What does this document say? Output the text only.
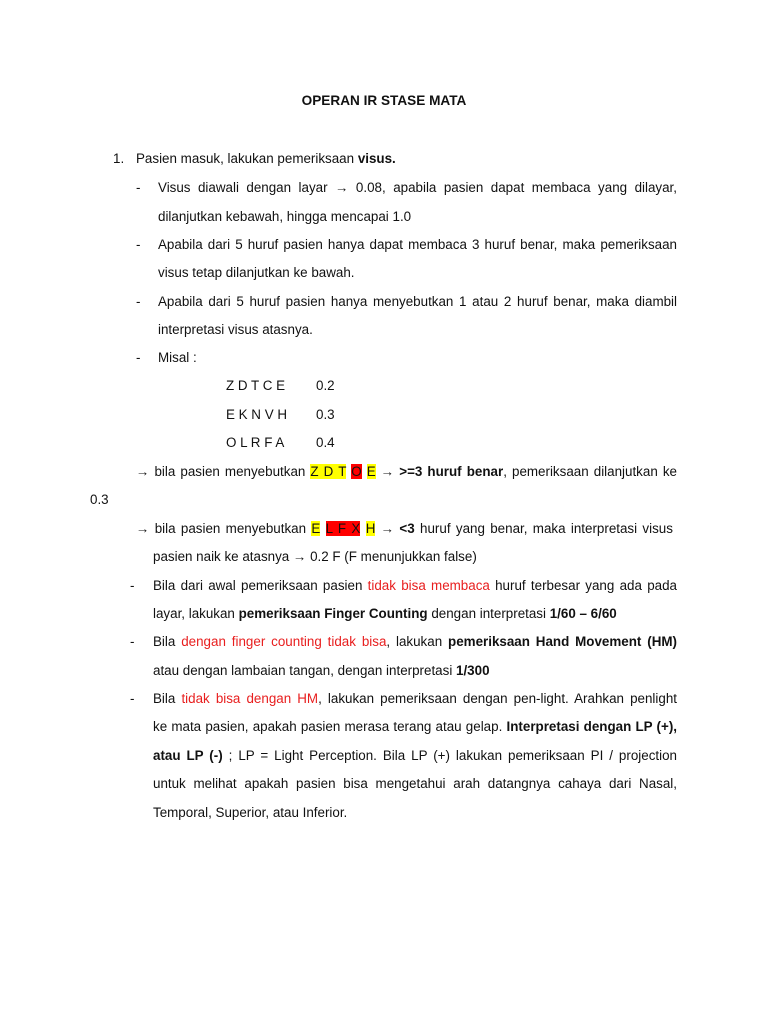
OPERAN IR STASE MATA
1. Pasien masuk, lakukan pemeriksaan visus.
- Visus diawali dengan layar → 0.08, apabila pasien dapat membaca yang dilayar,
dilanjutkan kebawah, hingga mencapai 1.0
- Apabila dari 5 huruf pasien hanya dapat membaca 3 huruf benar, maka pemeriksaan
visus tetap dilanjutkan ke bawah.
- Apabila dari 5 huruf pasien hanya menyebutkan 1 atau 2 huruf benar, maka diambil
interpretasi visus atasnya.
- Misal :
Z D T C E 0.2
E K N V H 0.3
O L R F A 0.4
→ bila pasien menyebutkan Z D T O E → >=3 huruf benar, pemeriksaan dilanjutkan ke
0.3
→ bila pasien menyebutkan E L F X H → <3 huruf yang benar, maka interpretasi visus
pasien naik ke atasnya → 0.2 F (F menunjukkan false)
- Bila dari awal pemeriksaan pasien tidak bisa membaca huruf terbesar yang ada pada
layar, lakukan pemeriksaan Finger Counting dengan interpretasi 1/60 – 6/60
- Bila dengan finger counting tidak bisa, lakukan pemeriksaan Hand Movement (HM)
atau dengan lambaian tangan, dengan interpretasi 1/300
- Bila tidak bisa dengan HM, lakukan pemeriksaan dengan pen-light. Arahkan penlight
ke mata pasien, apakah pasien merasa terang atau gelap. Interpretasi dengan LP (+),
atau LP (-) ; LP = Light Perception. Bila LP (+) lakukan pemeriksaan PI / projection
untuk melihat apakah pasien bisa mengetahui arah datangnya cahaya dari Nasal,
Temporal, Superior, atau Inferior.
